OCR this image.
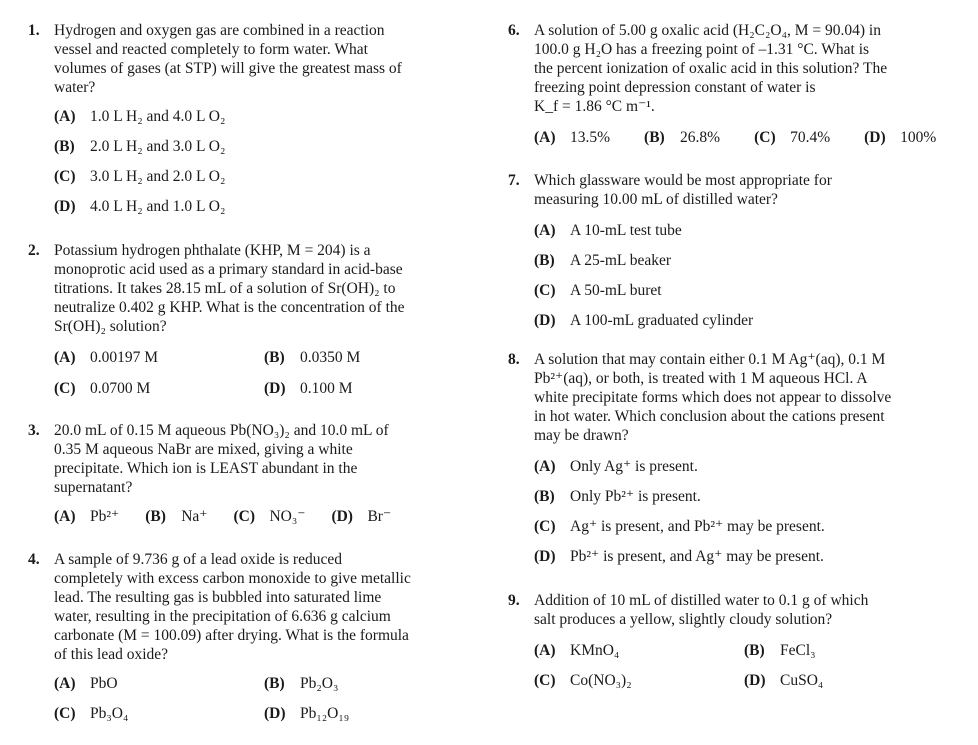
1. Hydrogen and oxygen gas are combined in a reaction
vessel and reacted completely to form water. What
volumes of gases (at STP) will give the greatest mass of
water?
(A) 1.0 L H₂ and 4.0 L O₂
(B) 2.0 L H₂ and 3.0 L O₂
(C) 3.0 L H₂ and 2.0 L O₂
(D) 4.0 L H₂ and 1.0 L O₂
2. Potassium hydrogen phthalate (KHP, M = 204) is a
monoprotic acid used as a primary standard in acid-base
titrations. It takes 28.15 mL of a solution of Sr(OH)₂ to
neutralize 0.402 g KHP. What is the concentration of the
Sr(OH)₂ solution?
(A) 0.00197 M	(B) 0.0350 M
(C) 0.0700 M	(D) 0.100 M
3. 20.0 mL of 0.15 M aqueous Pb(NO₃)₂ and 10.0 mL of
0.35 M aqueous NaBr are mixed, giving a white
precipitate. Which ion is LEAST abundant in the
supernatant?
(A) Pb²⁺ (B) Na⁺ (C) NO₃⁻ (D) Br⁻
4. A sample of 9.736 g of a lead oxide is reduced
completely with excess carbon monoxide to give metallic
lead. The resulting gas is bubbled into saturated lime
water, resulting in the precipitation of 6.636 g calcium
carbonate (M = 100.09) after drying. What is the formula
of this lead oxide?
(A) PbO	(B) Pb₂O₃
(C) Pb₃O₄	(D) Pb₁₂O₁₉
6. A solution of 5.00 g oxalic acid (H₂C₂O₄, M = 90.04) in
100.0 g H₂O has a freezing point of –1.31 °C. What is
the percent ionization of oxalic acid in this solution? The
freezing point depression constant of water is
K_f = 1.86 °C m⁻¹.
(A) 13.5% (B) 26.8% (C) 70.4% (D) 100%
7. Which glassware would be most appropriate for
measuring 10.00 mL of distilled water?
(A) A 10-mL test tube
(B) A 25-mL beaker
(C) A 50-mL buret
(D) A 100-mL graduated cylinder
8. A solution that may contain either 0.1 M Ag⁺(aq), 0.1 M
Pb²⁺(aq), or both, is treated with 1 M aqueous HCl. A
white precipitate forms which does not appear to dissolve
in hot water. Which conclusion about the cations present
may be drawn?
(A) Only Ag⁺ is present.
(B) Only Pb²⁺ is present.
(C) Ag⁺ is present, and Pb²⁺ may be present.
(D) Pb²⁺ is present, and Ag⁺ may be present.
9. Addition of 10 mL of distilled water to 0.1 g of which
salt produces a yellow, slightly cloudy solution?
(A) KMnO₄	(B) FeCl₃
(C) Co(NO₃)₂	(D) CuSO₄
